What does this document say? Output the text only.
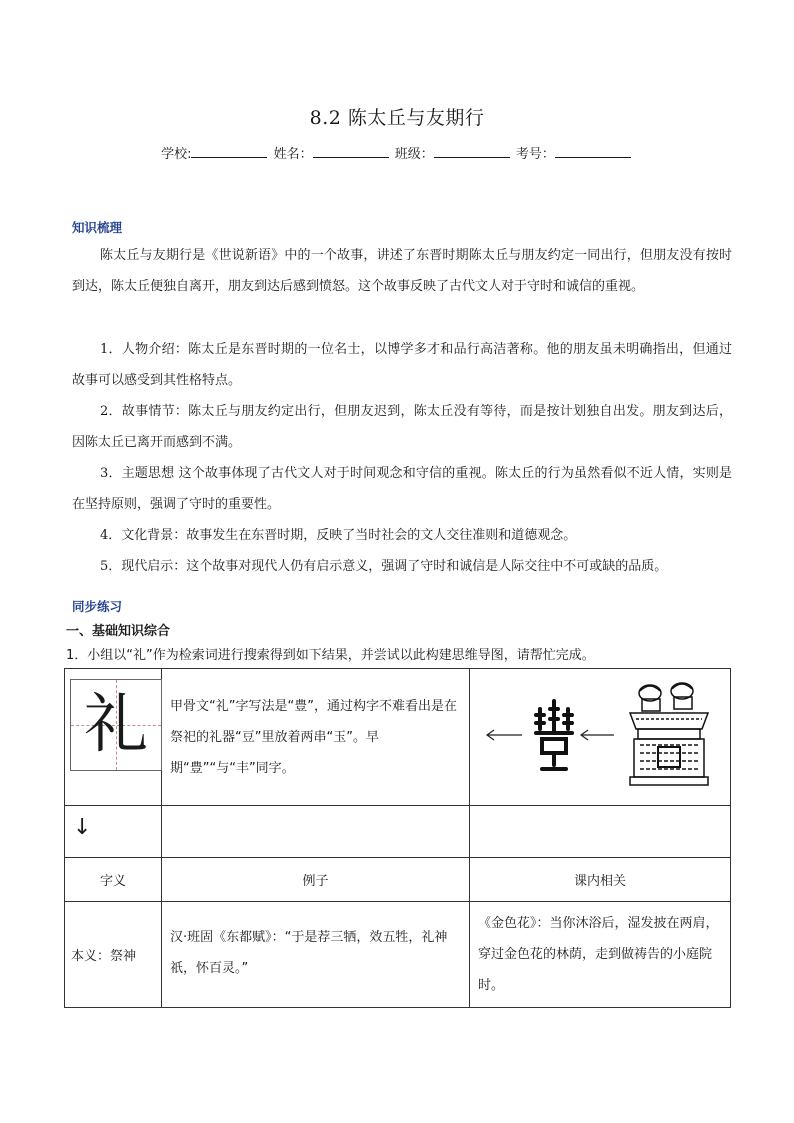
8.2 陈太丘与友期行
学校:	姓名：	班级：	考号：
知识梳理
陈太丘与友期行是《世说新语》中的一个故事，讲述了东晋时期陈太丘与朋友约定一同出行，但朋友没有按时到达，陈太丘便独自离开，朋友到达后感到愤怒。这个故事反映了古代文人对于守时和诚信的重视。
1．人物介绍：陈太丘是东晋时期的一位名士，以博学多才和品行高洁著称。他的朋友虽未明确指出，但通过故事可以感受到其性格特点。
2．故事情节：陈太丘与朋友约定出行，但朋友迟到，陈太丘没有等待，而是按计划独自出发。朋友到达后，因陈太丘已离开而感到不满。
3．主题思想 这个故事体现了古代文人对于时间观念和守信的重视。陈太丘的行为虽然看似不近人情，实则是在坚持原则，强调了守时的重要性。
4．文化背景：故事发生在东晋时期，反映了当时社会的文人交往准则和道德观念。
5．现代启示：这个故事对现代人仍有启示意义，强调了守时和诚信是人际交往中不可或缺的品质。
同步练习
一、基础知识综合
1．小组以“礼”作为检索词进行搜索得到如下结果，并尝试以此构建思维导图，请帮忙完成。
礼	甲骨文“礼”字写法是“豊”，通过构字不难看出是在祭祀的礼器“豆”里放着两串“玉”。早期“豊”“与“丰”同字。

↓		

字义	例子	课内相关
本义：祭神	汉·班固《东都赋》：“于是荐三牺，效五牲，礼神祇，怀百灵。”	《金色花》：当你沐浴后，湿发披在两肩，穿过金色花的林荫，走到做祷告的小庭院时。
